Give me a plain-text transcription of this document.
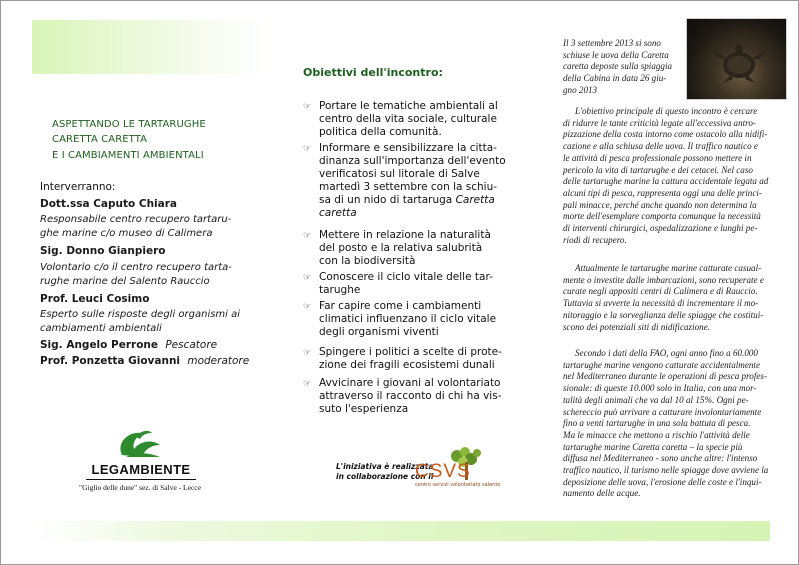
ASPETTANDO LE TARTARUGHE
CARETTA CARETTA
E I CAMBIAMENTI AMBIENTALI
Interverranno:
Dott.ssa Caputo Chiara
Responsabile centro recupero tartaru-
ghe marine c/o museo di Calimera
Sig. Donno Gianpiero
Volontario c/o il centro recupero tarta-
rughe marine del Salento Rauccio
Prof. Leuci Cosimo
Esperto sulle risposte degli organismi ai
cambiamenti ambientali
Sig. Angelo Perrone Pescatore
Prof. Ponzetta Giovanni moderatore
LEGAMBIENTE
"Giglio delle dune" sez. di Salve - Lecce
Obiettivi dell'incontro:
☞ Portare le tematiche ambientali al
centro della vita sociale, culturale
politica della comunità.
☞ Informare e sensibilizzare la citta-
dinanza sull'importanza dell'evento
verificatosi sul litorale di Salve
martedì 3 settembre con la schiu-
sa di un nido di tartaruga Caretta
caretta
☞ Mettere in relazione la naturalità
del posto e la relativa salubrità
con la biodiversità
☞ Conoscere il ciclo vitale delle tar-
tarughe
☞ Far capire come i cambiamenti
climatici influenzano il ciclo vitale
degli organismi viventi
☞ Spingere i politici a scelte di prote-
zione dei fragili ecosistemi dunali
☞ Avvicinare i giovani al volontariato
attraverso il racconto di chi ha vis-
suto l'esperienza
L'iniziativa è realizzata
in collaborazione con il
CSVS
centro servizi volontariato salento
Il 3 settembre 2013 si sono
schiuse le uova della Caretta
caretta deposte sulla spiaggia
della Cabina in data 26 giu-
gno 2013
L'obiettivo principale di questo incontro è cercare
di ridurre le tante criticità legate all'eccessiva antro-
pizzazione della costa intorno come ostacolo alla nidifi-
cazione e alla schiusa delle uova. Il traffico nautico e
le attività di pesca professionale possono mettere in
pericolo la vita di tartarughe e dei cetacei. Nel caso
delle tartarughe marine la cattura accidentale legata ad
alcuni tipi di pesca, rappresenta oggi una delle princi-
pali minacce, perché anche quando non determina la
morte dell'esemplare comporta comunque la necessità
di interventi chirurgici, ospedalizzazione e lunghi pe-
riodi di recupero.
Attualmente le tartarughe marine catturate casual-
mente o investite dalle imbarcazioni, sono recuperate e
curate negli appositi centri di Calimera e di Rauccio.
Tuttavia si avverte la necessità di incrementare il mo-
nitoraggio e la sorveglianza delle spiagge che costitui-
scono dei potenziali siti di nidificazione.
Secondo i dati della FAO, ogni anno fino a 60.000
tartarughe marine vengono catturate accidentalmente
nel Mediterraneo durante le operazioni di pesca profes-
sionale: di queste 10.000 solo in Italia, con una mor-
talità degli animali che va dal 10 al 15%. Ogni pe-
schereccio può arrivare a catturare involontariamente
fino a venti tartarughe in una sola battuta di pesca.
Ma le minacce che mettono a rischio l'attività delle
tartarughe marine Caretta caretta – la specie più
diffusa nel Mediterraneo - sono anche altre: l'intenso
traffico nautico, il turismo nelle spiagge dove avviene la
deposizione delle uova, l'erosione delle coste e l'inqui-
namento delle acque.
